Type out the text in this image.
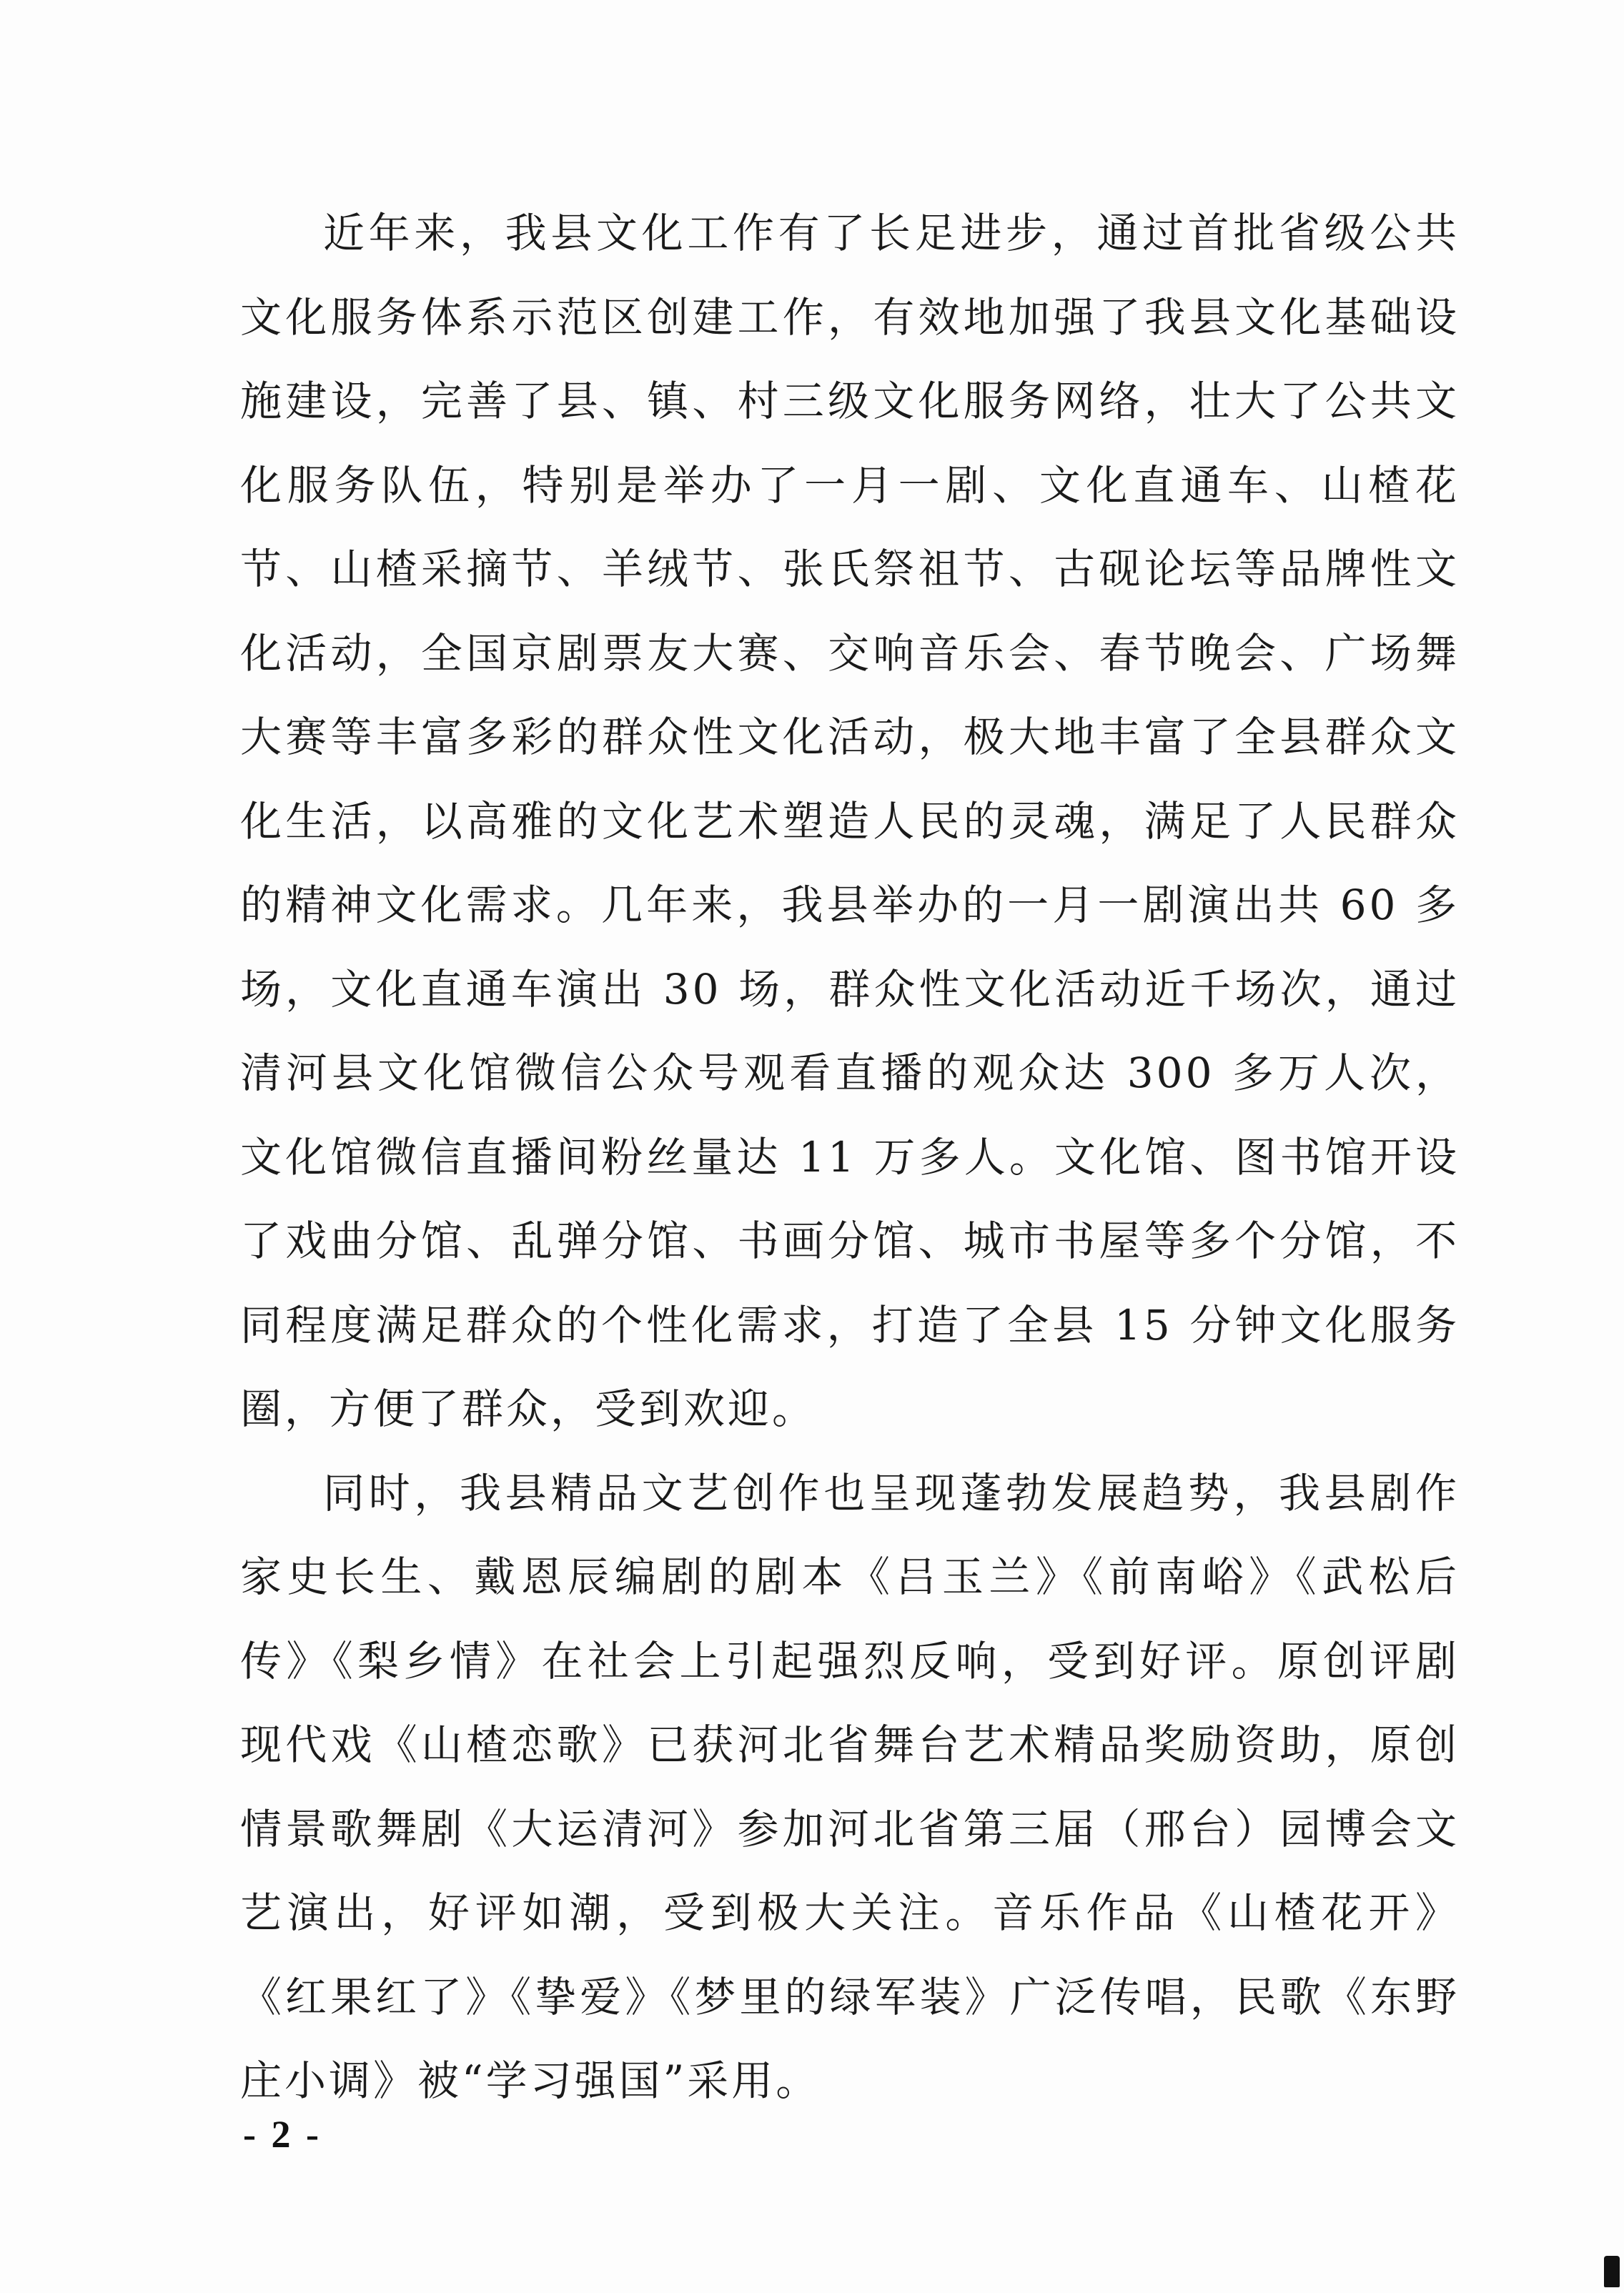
近年来，我县文化工作有了长足进步，通过首批省级公共文化服务体系示范区创建工作，有效地加强了我县文化基础设施建设，完善了县、镇、村三级文化服务网络，壮大了公共文化服务队伍，特别是举办了一月一剧、文化直通车、山楂花节、山楂采摘节、羊绒节、张氏祭祖节、古砚论坛等品牌性文化活动，全国京剧票友大赛、交响音乐会、春节晚会、广场舞大赛等丰富多彩的群众性文化活动，极大地丰富了全县群众文化生活，以高雅的文化艺术塑造人民的灵魂，满足了人民群众的精神文化需求。几年来，我县举办的一月一剧演出共 60 多场，文化直通车演出 30 场，群众性文化活动近千场次，通过清河县文化馆微信公众号观看直播的观众达 300 多万人次，文化馆微信直播间粉丝量达 11 万多人。文化馆、图书馆开设了戏曲分馆、乱弹分馆、书画分馆、城市书屋等多个分馆，不同程度满足群众的个性化需求，打造了全县 15 分钟文化服务圈，方便了群众，受到欢迎。

同时，我县精品文艺创作也呈现蓬勃发展趋势，我县剧作家史长生、戴恩辰编剧的剧本《吕玉兰》《前南峪》《武松后传》《梨乡情》在社会上引起强烈反响，受到好评。原创评剧现代戏《山楂恋歌》已获河北省舞台艺术精品奖励资助，原创情景歌舞剧《大运清河》参加河北省第三届（邢台）园博会文艺演出，好评如潮，受到极大关注。音乐作品《山楂花开》《红果红了》《挚爱》《梦里的绿军装》广泛传唱，民歌《东野庄小调》被“学习强国”采用。

- 2 -
